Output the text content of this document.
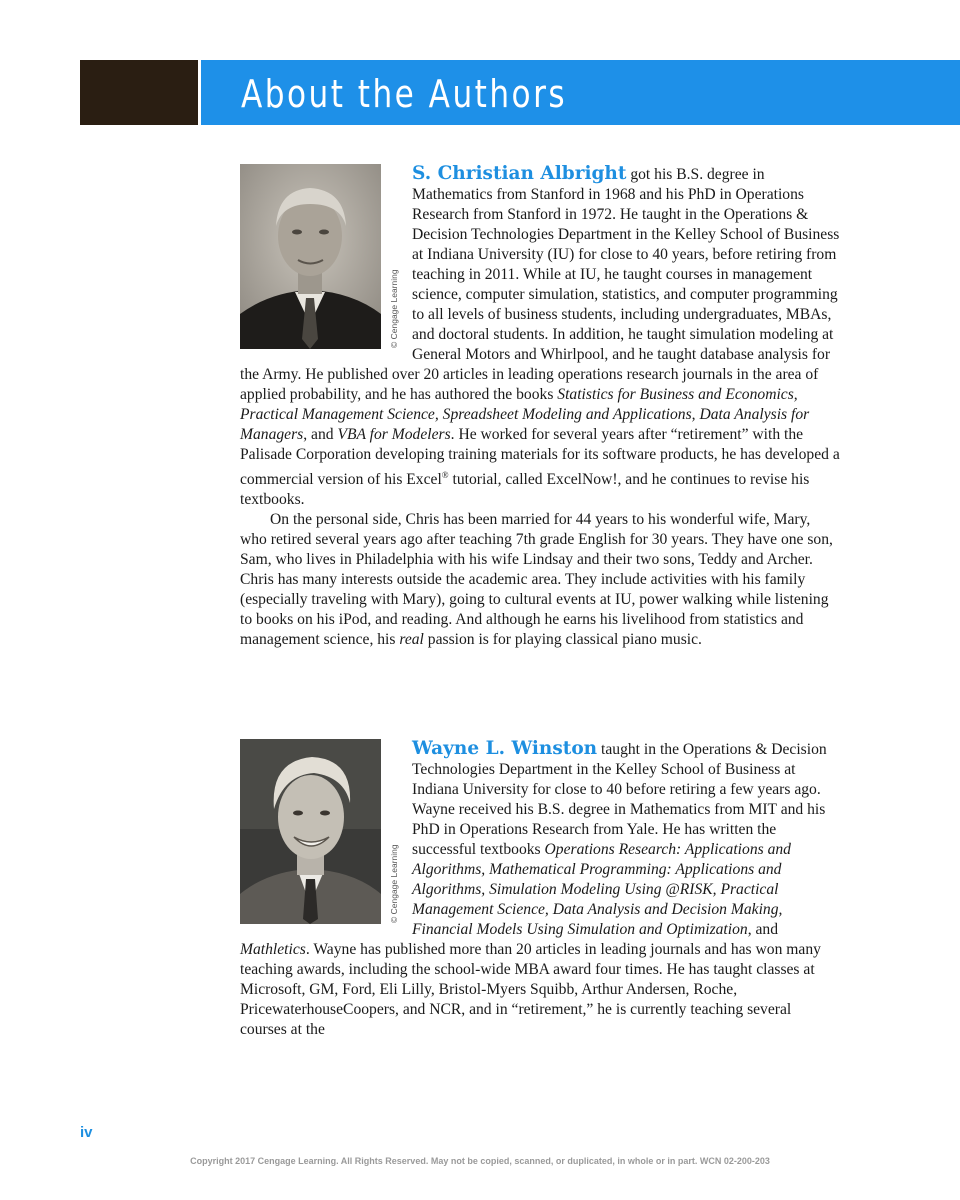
About the Authors
© Cengage Learning

S. Christian Albright got his B.S. degree in Mathematics from Stanford in 1968 and his PhD in Operations Research from Stanford in 1972. He taught in the Operations & Decision Technologies Department in the Kelley School of Business at Indiana University (IU) for close to 40 years, before retiring from teaching in 2011. While at IU, he taught courses in management science, computer simulation, statistics, and computer programming to all levels of business students, including undergraduates, MBAs, and doctoral students. In addition, he taught simulation modeling at General Motors and Whirlpool, and he taught database analysis for the Army. He published over 20 articles in leading operations research journals in the area of applied probability, and he has authored the books Statistics for Business and Economics, Practical Management Science, Spreadsheet Modeling and Applications, Data Analysis for Managers, and VBA for Modelers. He worked for several years after “retirement” with the Palisade Corporation developing training materials for its software products, he has developed a commercial version of his Excel® tutorial, called ExcelNow!, and he continues to revise his textbooks.

On the personal side, Chris has been married for 44 years to his wonderful wife, Mary, who retired several years ago after teaching 7th grade English for 30 years. They have one son, Sam, who lives in Philadelphia with his wife Lindsay and their two sons, Teddy and Archer. Chris has many interests outside the academic area. They include activities with his family (especially traveling with Mary), going to cultural events at IU, power walking while listening to books on his iPod, and reading. And although he earns his livelihood from statistics and management science, his real passion is for playing classical piano music.

© Cengage Learning

Wayne L. Winston taught in the Operations & Decision Technologies Department in the Kelley School of Business at Indiana University for close to 40 before retiring a few years ago. Wayne received his B.S. degree in Mathematics from MIT and his PhD in Operations Research from Yale. He has written the successful textbooks Operations Research: Applications and Algorithms, Mathematical Programming: Applications and Algorithms, Simulation Modeling Using @RISK, Practical Management Science, Data Analysis and Decision Making, Financial Models Using Simulation and Optimization, and Mathletics. Wayne has published more than 20 articles in leading journals and has won many teaching awards, including the school-wide MBA award four times. He has taught classes at Microsoft, GM, Ford, Eli Lilly, Bristol-Myers Squibb, Arthur Andersen, Roche, PricewaterhouseCoopers, and NCR, and in “retirement,” he is currently teaching several courses at the

iv
Copyright 2017 Cengage Learning. All Rights Reserved. May not be copied, scanned, or duplicated, in whole or in part. WCN 02-200-203
